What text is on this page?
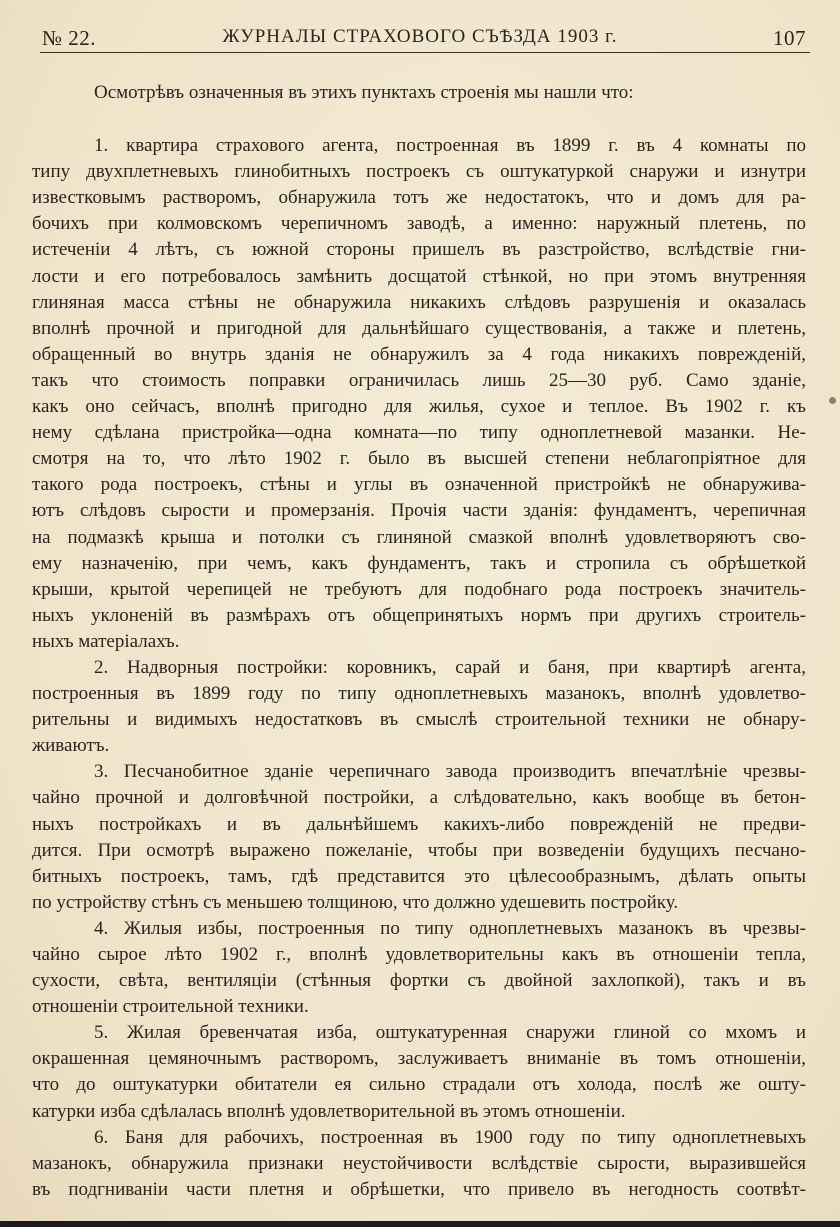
№ 22.	ЖУРНАЛЫ СТРАХОВОГО СЪѢЗДА 1903 г.	107
Осмотрѣвъ означенныя въ этихъ пунктахъ строенія мы нашли что:
1. квартира страхового агента, построенная въ 1899 г. въ 4 комнаты по
типу двухплетневыхъ глинобитныхъ построекъ съ оштукатуркой снаружи и изнутри
известковымъ растворомъ, обнаружила тотъ же недостатокъ, что и домъ для ра-
бочихъ при колмовскомъ черепичномъ заводѣ, а именно: наружный плетень, по
истеченіи 4 лѣтъ, съ южной стороны пришелъ въ разстройство, вслѣдствіе гни-
лости и его потребовалось замѣнить досщатой стѣнкой, но при этомъ внутренняя
глиняная масса стѣны не обнаружила никакихъ слѣдовъ разрушенія и оказалась
вполнѣ прочной и пригодной для дальнѣйшаго существованія, а также и плетень,
обращенный во внутрь зданія не обнаружилъ за 4 года никакихъ поврежденій,
такъ что стоимость поправки ограничилась лишь 25—30 руб. Само зданіе,
какъ оно сейчасъ, вполнѣ пригодно для жилья, сухое и теплое. Въ 1902 г. къ
нему сдѣлана пристройка—одна комната—по типу одноплетневой мазанки. Не-
смотря на то, что лѣто 1902 г. было въ высшей степени неблагопріятное для
такого рода построекъ, стѣны и углы въ означенной пристройкѣ не обнаружива-
ютъ слѣдовъ сырости и промерзанія. Прочія части зданія: фундаментъ, черепичная
на подмазкѣ крыша и потолки съ глиняной смазкой вполнѣ удовлетворяютъ сво-
ему назначенію, при чемъ, какъ фундаментъ, такъ и стропила съ обрѣшеткой
крыши, крытой черепицей не требуютъ для подобнаго рода построекъ значитель-
ныхъ уклоненій въ размѣрахъ отъ общепринятыхъ нормъ при другихъ строитель-
ныхъ матеріалахъ.
2. Надворныя постройки: коровникъ, сарай и баня, при квартирѣ агента,
построенныя въ 1899 году по типу одноплетневыхъ мазанокъ, вполнѣ удовлетво-
рительны и видимыхъ недостатковъ въ смыслѣ строительной техники не обнару-
живаютъ.
3. Песчанобитное зданіе черепичнаго завода производитъ впечатлѣніе чрезвы-
чайно прочной и долговѣчной постройки, а слѣдовательно, какъ вообще въ бетон-
ныхъ постройкахъ и въ дальнѣйшемъ какихъ-либо поврежденій не предви-
дится. При осмотрѣ выражено пожеланіе, чтобы при возведеніи будущихъ песчано-
битныхъ построекъ, тамъ, гдѣ представится это цѣлесообразнымъ, дѣлать опыты
по устройству стѣнъ съ меньшею толщиною, что должно удешевить постройку.
4. Жилыя избы, построенныя по типу одноплетневыхъ мазанокъ въ чрезвы-
чайно сырое лѣто 1902 г., вполнѣ удовлетворительны какъ въ отношеніи тепла,
сухости, свѣта, вентиляціи (стѣнныя фортки съ двойной захлопкой), такъ и въ
отношеніи строительной техники.
5. Жилая бревенчатая изба, оштукатуренная снаружи глиной со мхомъ и
окрашенная цемяночнымъ растворомъ, заслуживаетъ вниманіе въ томъ отношеніи,
что до оштукатурки обитатели ея сильно страдали отъ холода, послѣ же ошту-
катурки изба сдѣлалась вполнѣ удовлетворительной въ этомъ отношеніи.
6. Баня для рабочихъ, построенная въ 1900 году по типу одноплетневыхъ
мазанокъ, обнаружила признаки неустойчивости вслѣдствіе сырости, выразившейся
въ подгниваніи части плетня и обрѣшетки, что привело въ негодность соотвѣт-
